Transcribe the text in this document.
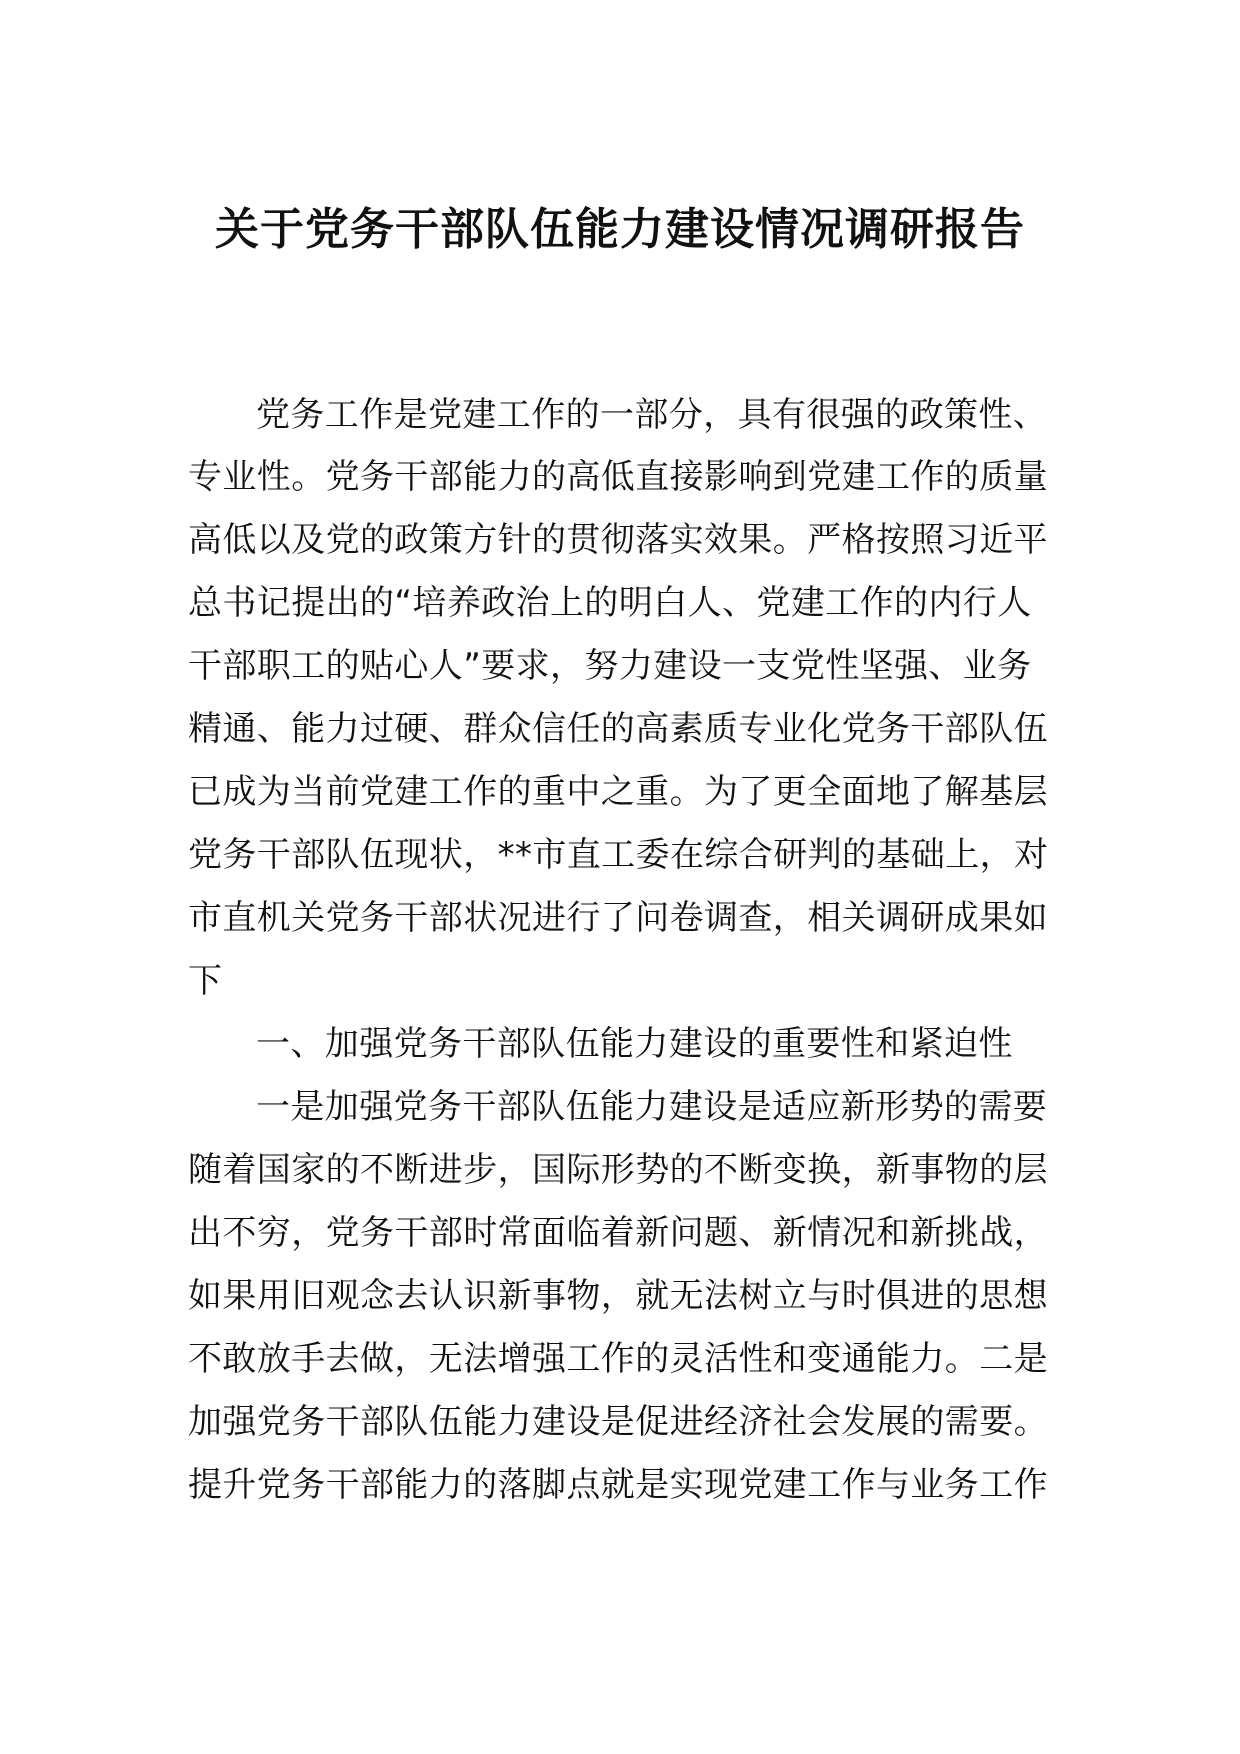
关于党务干部队伍能力建设情况调研报告
党务工作是党建工作的一部分，具有很强的政策性、
专业性。党务干部能力的高低直接影响到党建工作的质量
高低以及党的政策方针的贯彻落实效果。严格按照习近平
总书记提出的“培养政治上的明白人、党建工作的内行人
干部职工的贴心人”要求，努力建设一支党性坚强、业务
精通、能力过硬、群众信任的高素质专业化党务干部队伍
已成为当前党建工作的重中之重。为了更全面地了解基层
党务干部队伍现状，**市直工委在综合研判的基础上，对
市直机关党务干部状况进行了问卷调查，相关调研成果如
下
一、加强党务干部队伍能力建设的重要性和紧迫性
一是加强党务干部队伍能力建设是适应新形势的需要
随着国家的不断进步，国际形势的不断变换，新事物的层
出不穷，党务干部时常面临着新问题、新情况和新挑战，
如果用旧观念去认识新事物，就无法树立与时俱进的思想
不敢放手去做，无法增强工作的灵活性和变通能力。二是
加强党务干部队伍能力建设是促进经济社会发展的需要。
提升党务干部能力的落脚点就是实现党建工作与业务工作
